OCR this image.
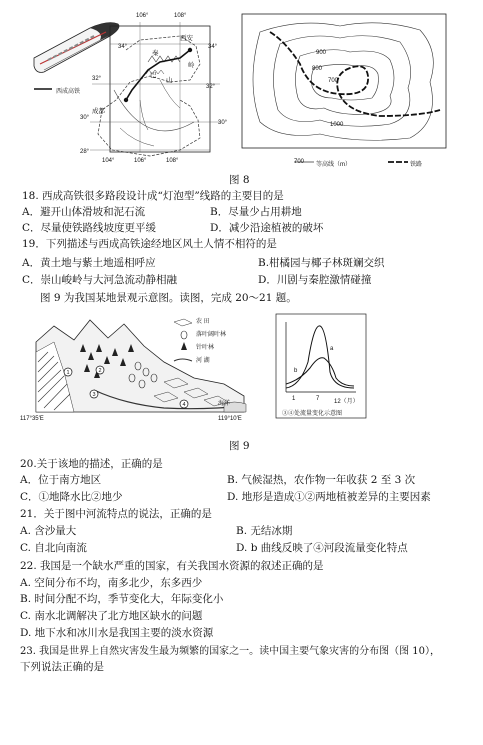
106°	108°
34°	34°
32°
32°
30°
30°
28°
104°	106°	108°
西安
秦
岭
巴
山
成都
西成高铁
900
800
700
1000
700 等高线（m）	铁路
图 8
18. 西成高铁很多路段设计成“灯泡型”线路的主要目的是
A．避开山体滑坡和泥石流	B．尽量少占用耕地
C．尽量使铁路线坡度更平缓	D．减少沿途植被的破坏
19．下列描述与西成高铁途经地区风土人情不相符的是
A．黄土地与紫土地遥相呼应	B.柑橘园与椰子林斑斓交织
C．崇山峻岭与大河急流动静相融	D．川剧与秦腔激情碰撞
图 9 为我国某地景观示意图。读图，完成 20～21 题。
1	2
3
4
农 田
落叶阔叶林
针叶林
河 湖
海洋
117°35′E	119°10′E
a
b
1	7 12（月）
③④处流量变化示意图
图 9
20.关于该地的描述，正确的是
A．位于南方地区	B. 气候湿热，农作物一年收获 2 至 3 次
C．①地降水比②地少	D. 地形是造成①②两地植被差异的主要因素
21．关于图中河流特点的说法，正确的是
A. 含沙量大	B. 无结冰期
C. 自北向南流	D. b 曲线反映了④河段流量变化特点
22. 我国是一个缺水严重的国家，有关我国水资源的叙述正确的是
A. 空间分布不均，南多北少，东多西少
B. 时间分配不均，季节变化大，年际变化小
C. 南水北调解决了北方地区缺水的问题
D. 地下水和冰川水是我国主要的淡水资源
23. 我国是世界上自然灾害发生最为频繁的国家之一。读中国主要气象灾害的分布图（图 10），
下列说法正确的是
